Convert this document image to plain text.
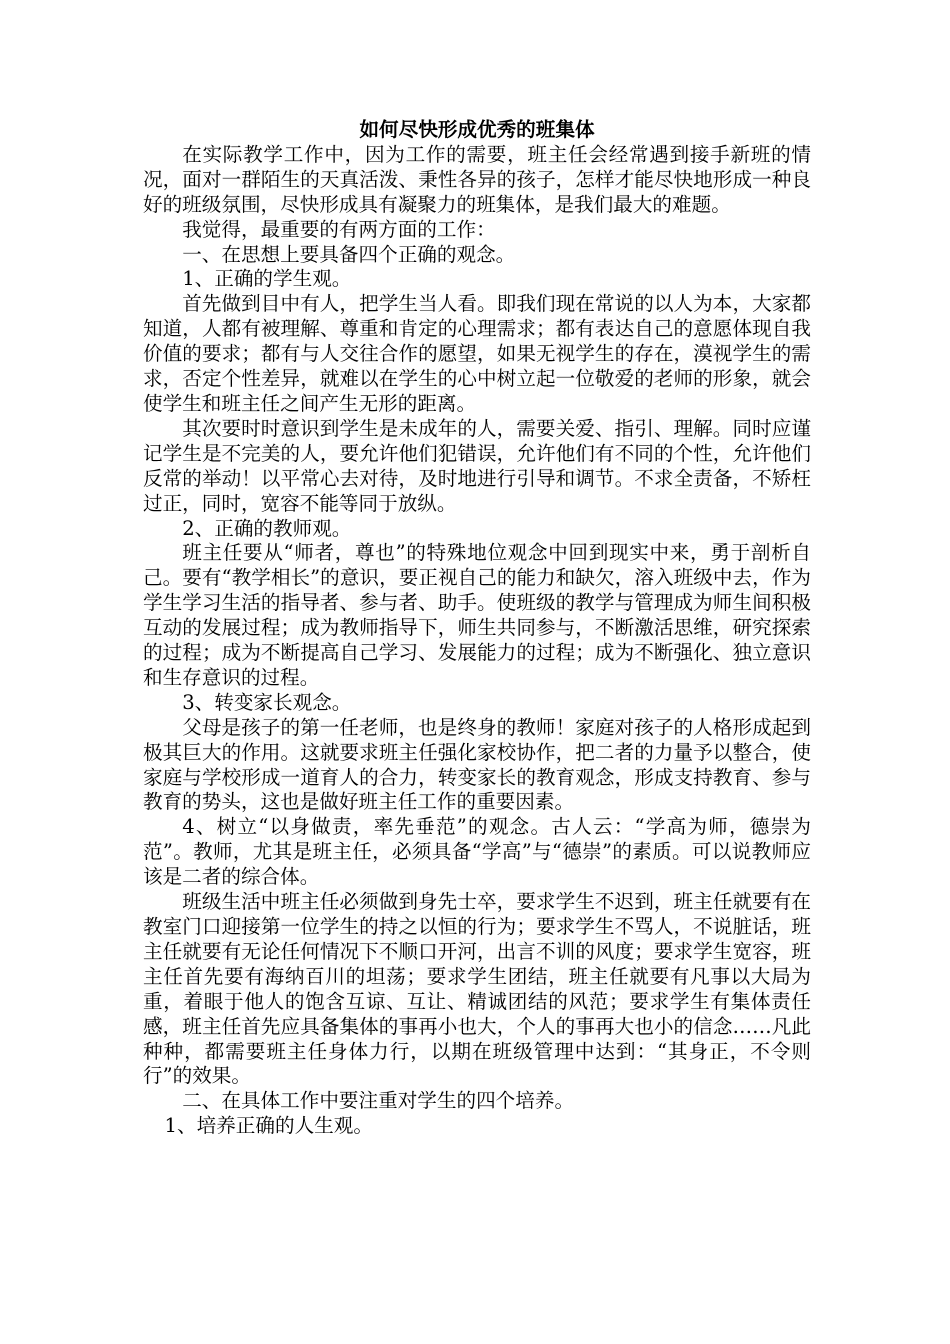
如何尽快形成优秀的班集体

在实际教学工作中，因为工作的需要，班主任会经常遇到接手新班的情况，面对一群陌生的天真活泼、秉性各异的孩子，怎样才能尽快地形成一种良好的班级氛围，尽快形成具有凝聚力的班集体，是我们最大的难题。

我觉得，最重要的有两方面的工作：

一、在思想上要具备四个正确的观念。

1、正确的学生观。

首先做到目中有人，把学生当人看。即我们现在常说的以人为本，大家都知道，人都有被理解、尊重和肯定的心理需求；都有表达自己的意愿体现自我价值的要求；都有与人交往合作的愿望，如果无视学生的存在，漠视学生的需求，否定个性差异，就难以在学生的心中树立起一位敬爱的老师的形象，就会使学生和班主任之间产生无形的距离。

其次要时时意识到学生是未成年的人，需要关爱、指引、理解。同时应谨记学生是不完美的人，要允许他们犯错误，允许他们有不同的个性，允许他们反常的举动！以平常心去对待，及时地进行引导和调节。不求全责备，不矫枉过正，同时，宽容不能等同于放纵。

2、正确的教师观。

班主任要从“师者，尊也”的特殊地位观念中回到现实中来，勇于剖析自己。要有“教学相长”的意识，要正视自己的能力和缺欠，溶入班级中去，作为学生学习生活的指导者、参与者、助手。使班级的教学与管理成为师生间积极互动的发展过程；成为教师指导下，师生共同参与，不断激活思维，研究探索的过程；成为不断提高自己学习、发展能力的过程；成为不断强化、独立意识和生存意识的过程。

3、转变家长观念。

父母是孩子的第一任老师，也是终身的教师！家庭对孩子的人格形成起到极其巨大的作用。这就要求班主任强化家校协作，把二者的力量予以整合，使家庭与学校形成一道育人的合力，转变家长的教育观念，形成支持教育、参与教育的势头，这也是做好班主任工作的重要因素。

4、树立“以身做责，率先垂范”的观念。古人云：“学高为师，德崇为范”。教师，尤其是班主任，必须具备“学高”与“德崇”的素质。可以说教师应该是二者的综合体。

班级生活中班主任必须做到身先士卒，要求学生不迟到，班主任就要有在教室门口迎接第一位学生的持之以恒的行为；要求学生不骂人，不说脏话，班主任就要有无论任何情况下不顺口开河，出言不训的风度；要求学生宽容，班主任首先要有海纳百川的坦荡；要求学生团结，班主任就要有凡事以大局为重，着眼于他人的饱含互谅、互让、精诚团结的风范；要求学生有集体责任感，班主任首先应具备集体的事再小也大，个人的事再大也小的信念……凡此种种，都需要班主任身体力行，以期在班级管理中达到：“其身正，不令则行”的效果。

二、在具体工作中要注重对学生的四个培养。

1、培养正确的人生观。
